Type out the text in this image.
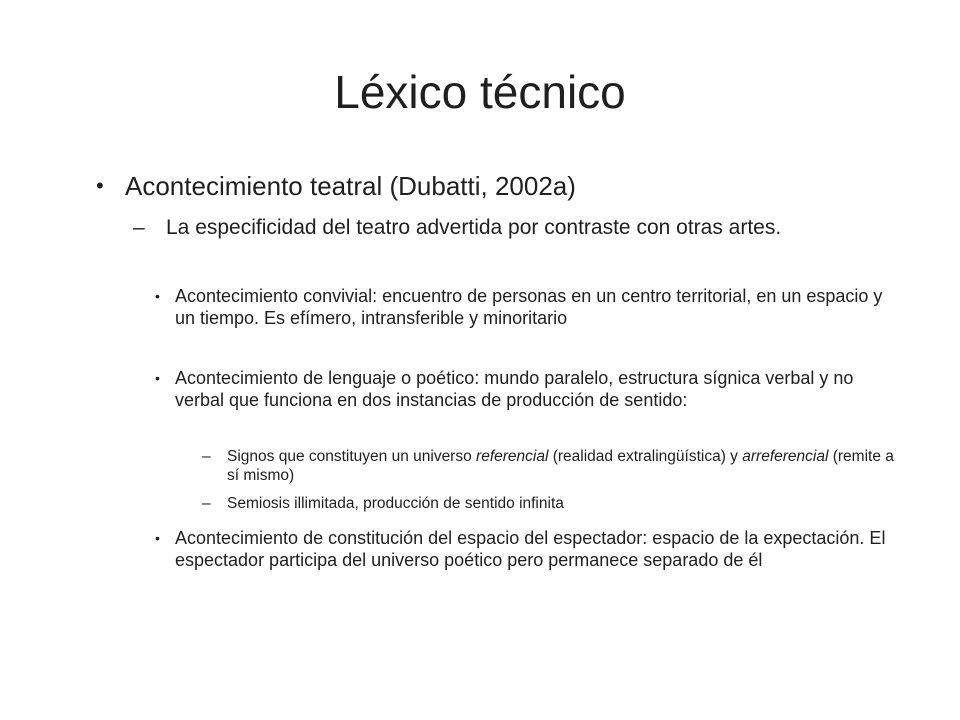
Léxico técnico
• Acontecimiento teatral (Dubatti, 2002a)
– La especificidad del teatro advertida por contraste con otras artes.
• Acontecimiento convivial: encuentro de personas en un centro territorial, en un espacio y un tiempo. Es efímero, intransferible y minoritario
• Acontecimiento de lenguaje o poético: mundo paralelo, estructura sígnica verbal y no verbal que funciona en dos instancias de producción de sentido:
– Signos que constituyen un universo referencial (realidad extralingüística) y arreferencial (remite a sí mismo)
– Semiosis illimitada, producción de sentido infinita
• Acontecimiento de constitución del espacio del espectador: espacio de la expectación. El espectador participa del universo poético pero permanece separado de él
